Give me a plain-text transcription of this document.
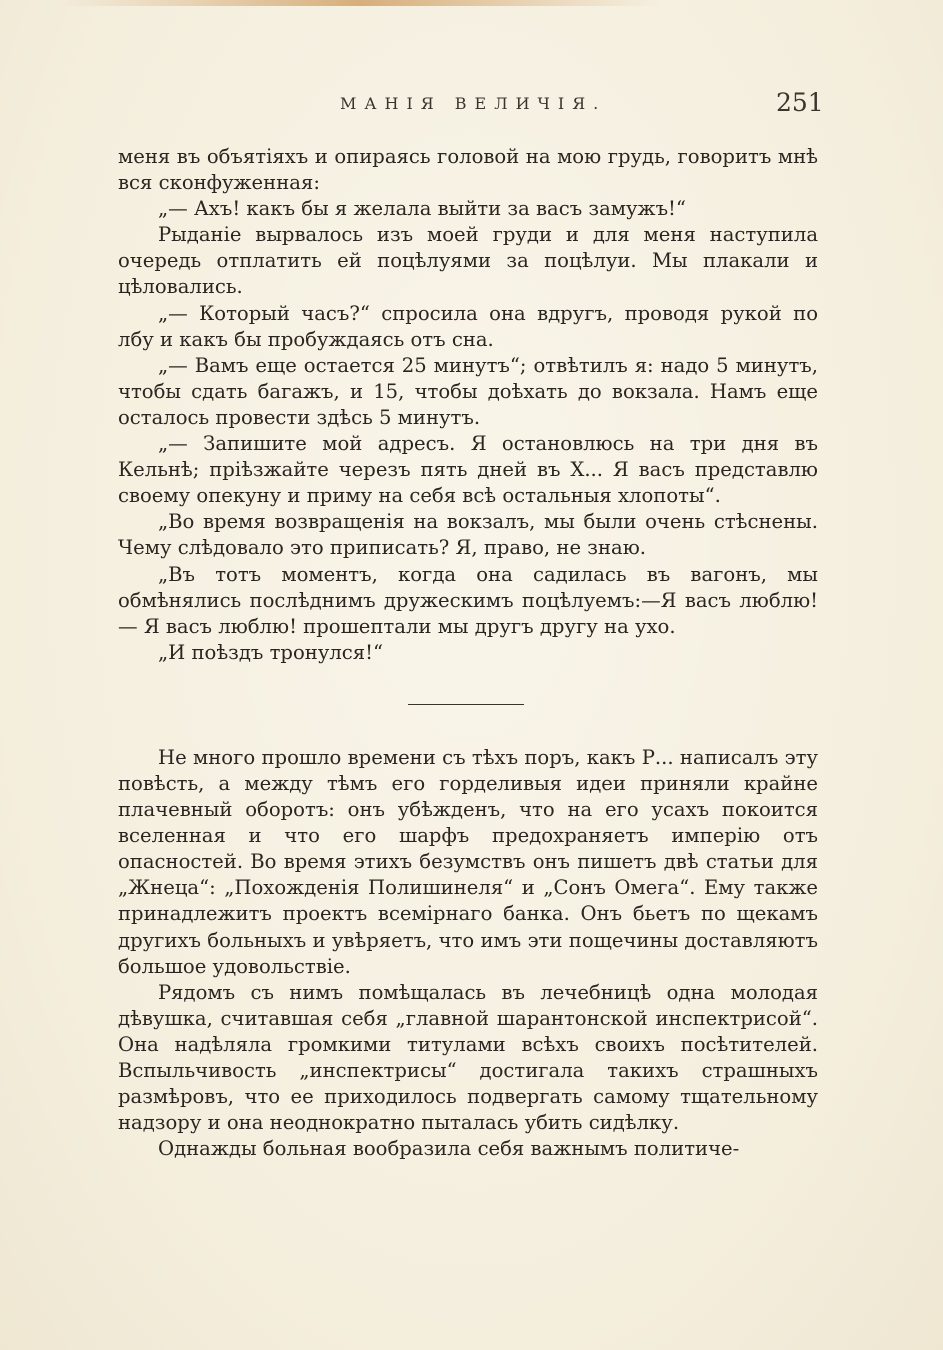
МАНІЯ ВЕЛИЧІЯ.	251

меня въ объятіяхъ и опираясь головой на мою грудь, говоритъ мнѣ вся сконфуженная:

„— Ахъ! какъ бы я желала выйти за васъ замужъ!“

Рыданіе вырвалось изъ моей груди и для меня наступила очередь отплатить ей поцѣлуями за поцѣлуи. Мы плакали и цѣловались.

„— Который часъ?“ спросила она вдругъ, проводя рукой по лбу и какъ бы пробуждаясь отъ сна.

„— Вамъ еще остается 25 минутъ“; отвѣтилъ я: надо 5 минутъ, чтобы сдать багажъ, и 15, чтобы доѣхать до вокзала. Намъ еще осталось провести здѣсь 5 минутъ.

„— Запишите мой адресъ. Я остановлюсь на три дня въ Кельнѣ; пріѣзжайте черезъ пять дней въ X... Я васъ представлю своему опекуну и приму на себя всѣ остальныя хлопоты“.

„Во время возвращенія на вокзалъ, мы были очень стѣснены. Чему слѣдовало это приписать? Я, право, не знаю.

„Въ тотъ моментъ, когда она садилась въ вагонъ, мы обмѣнялись послѣднимъ дружескимъ поцѣлуемъ:—Я васъ люблю!— Я васъ люблю! прошептали мы другъ другу на ухо.

„И поѣздъ тронулся!“

Не много прошло времени съ тѣхъ поръ, какъ Р... написалъ эту повѣсть, а между тѣмъ его горделивыя идеи приняли крайне плачевный оборотъ: онъ убѣжденъ, что на его усахъ покоится вселенная и что его шарфъ предохраняетъ имперію отъ опасностей. Во время этихъ безумствъ онъ пишетъ двѣ статьи для „Жнеца“: „Похожденія Полишинеля“ и „Сонъ Омега“. Ему также принадлежитъ проектъ всемірнаго банка. Онъ бьетъ по щекамъ другихъ больныхъ и увѣряетъ, что имъ эти пощечины доставляютъ большое удовольствіе.

Рядомъ съ нимъ помѣщалась въ лечебницѣ одна молодая дѣвушка, считавшая себя „главной шарантонской инспектрисой“. Она надѣляла громкими титулами всѣхъ своихъ посѣтителей. Вспыльчивость „инспектрисы“ достигала такихъ страшныхъ размѣровъ, что ее приходилось подвергать самому тщательному надзору и она неоднократно пыталась убить сидѣлку.

Однажды больная вообразила себя важнымъ политиче-
